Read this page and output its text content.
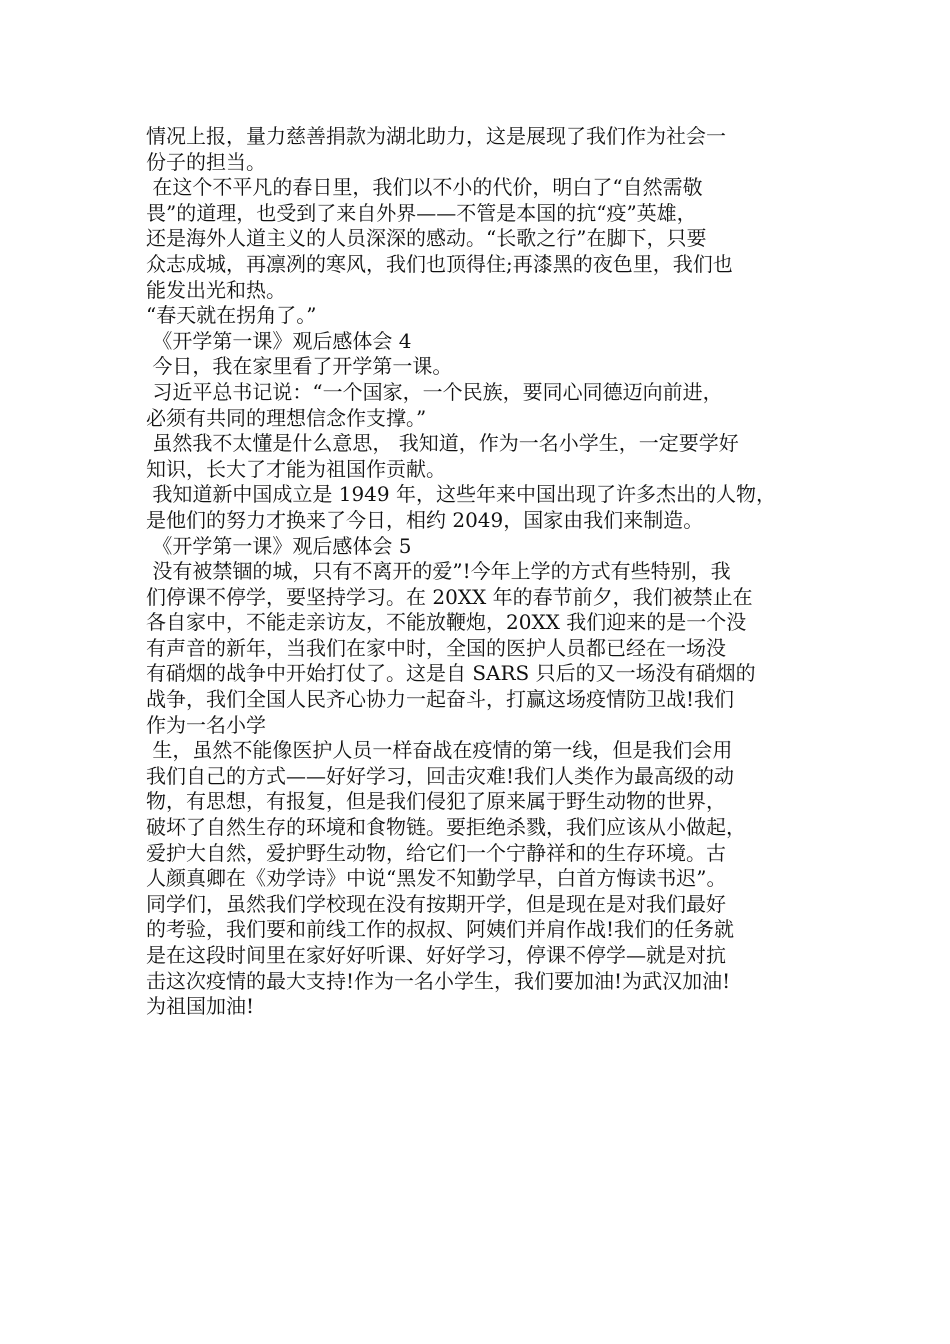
情况上报，量力慈善捐款为湖北助力，这是展现了我们作为社会一
份子的担当。
在这个不平凡的春日里，我们以不小的代价，明白了“自然需敬
畏”的道理，也受到了来自外界——不管是本国的抗“疫”英雄，
还是海外人道主义的人员深深的感动。“长歌之行”在脚下，只要
众志成城，再凛冽的寒风，我们也顶得住;再漆黑的夜色里，我们也
能发出光和热。
“春天就在拐角了。”
《开学第一课》观后感体会 4
今日，我在家里看了开学第一课。
习近平总书记说：“一个国家，一个民族，要同心同德迈向前进，
必须有共同的理想信念作支撑。”
虽然我不太懂是什么意思， 我知道，作为一名小学生，一定要学好
知识，长大了才能为祖国作贡献。
我知道新中国成立是 1949 年，这些年来中国出现了许多杰出的人物，
是他们的努力才换来了今日，相约 2049，国家由我们来制造。
《开学第一课》观后感体会 5
没有被禁锢的城，只有不离开的爱”!今年上学的方式有些特别，我
们停课不停学，要坚持学习。在 20XX 年的春节前夕，我们被禁止在
各自家中，不能走亲访友，不能放鞭炮，20XX 我们迎来的是一个没
有声音的新年，当我们在家中时，全国的医护人员都已经在一场没
有硝烟的战争中开始打仗了。这是自 SARS 只后的又一场没有硝烟的
战争，我们全国人民齐心协力一起奋斗，打赢这场疫情防卫战!我们
作为一名小学
生，虽然不能像医护人员一样奋战在疫情的第一线，但是我们会用
我们自己的方式——好好学习，回击灾难!我们人类作为最高级的动
物，有思想，有报复，但是我们侵犯了原来属于野生动物的世界，
破坏了自然生存的环境和食物链。要拒绝杀戮，我们应该从小做起，
爱护大自然，爱护野生动物，给它们一个宁静祥和的生存环境。古
人颜真卿在《劝学诗》中说“黑发不知勤学早，白首方悔读书迟”。
同学们，虽然我们学校现在没有按期开学，但是现在是对我们最好
的考验，我们要和前线工作的叔叔、阿姨们并肩作战!我们的任务就
是在这段时间里在家好好听课、好好学习，停课不停学—就是对抗
击这次疫情的最大支持!作为一名小学生，我们要加油!为武汉加油!
为祖国加油!
